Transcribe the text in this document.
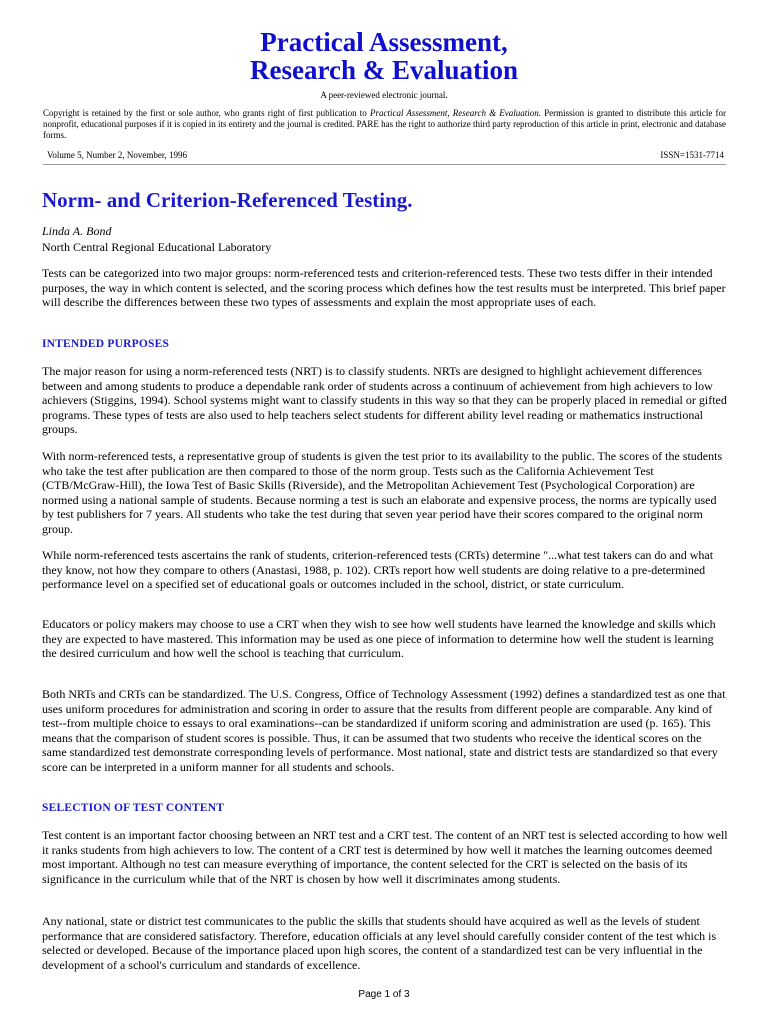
Practical Assessment,
Research & Evaluation
A peer-reviewed electronic journal.
Copyright is retained by the first or sole author, who grants right of first publication to Practical Assessment, Research & Evaluation. Permission is granted to distribute this article for nonprofit, educational purposes if it is copied in its entirety and the journal is credited. PARE has the right to authorize third party reproduction of this article in print, electronic and database forms.
Volume 5, Number 2, November, 1996	ISSN=1531-7714
Norm- and Criterion-Referenced Testing.
Linda A. Bond
North Central Regional Educational Laboratory

Tests can be categorized into two major groups: norm-referenced tests and criterion-referenced tests. These two tests differ in their intended purposes, the way in which content is selected, and the scoring process which defines how the test results must be interpreted. This brief paper will describe the differences between these two types of assessments and explain the most appropriate uses of each.

INTENDED PURPOSES

The major reason for using a norm-referenced tests (NRT) is to classify students. NRTs are designed to highlight achievement differences between and among students to produce a dependable rank order of students across a continuum of achievement from high achievers to low achievers (Stiggins, 1994). School systems might want to classify students in this way so that they can be properly placed in remedial or gifted programs. These types of tests are also used to help teachers select students for different ability level reading or mathematics instructional groups.

With norm-referenced tests, a representative group of students is given the test prior to its availability to the public. The scores of the students who take the test after publication are then compared to those of the norm group. Tests such as the California Achievement Test (CTB/McGraw-Hill), the Iowa Test of Basic Skills (Riverside), and the Metropolitan Achievement Test (Psychological Corporation) are normed using a national sample of students. Because norming a test is such an elaborate and expensive process, the norms are typically used by test publishers for 7 years. All students who take the test during that seven year period have their scores compared to the original norm group.

While norm-referenced tests ascertains the rank of students, criterion-referenced tests (CRTs) determine "...what test takers can do and what they know, not how they compare to others (Anastasi, 1988, p. 102). CRTs report how well students are doing relative to a pre-determined performance level on a specified set of educational goals or outcomes included in the school, district, or state curriculum.

Educators or policy makers may choose to use a CRT when they wish to see how well students have learned the knowledge and skills which they are expected to have mastered. This information may be used as one piece of information to determine how well the student is learning the desired curriculum and how well the school is teaching that curriculum.

Both NRTs and CRTs can be standardized. The U.S. Congress, Office of Technology Assessment (1992) defines a standardized test as one that uses uniform procedures for administration and scoring in order to assure that the results from different people are comparable. Any kind of test--from multiple choice to essays to oral examinations--can be standardized if uniform scoring and administration are used (p. 165). This means that the comparison of student scores is possible. Thus, it can be assumed that two students who receive the identical scores on the same standardized test demonstrate corresponding levels of performance. Most national, state and district tests are standardized so that every score can be interpreted in a uniform manner for all students and schools.

SELECTION OF TEST CONTENT

Test content is an important factor choosing between an NRT test and a CRT test. The content of an NRT test is selected according to how well it ranks students from high achievers to low. The content of a CRT test is determined by how well it matches the learning outcomes deemed most important. Although no test can measure everything of importance, the content selected for the CRT is selected on the basis of its significance in the curriculum while that of the NRT is chosen by how well it discriminates among students.

Any national, state or district test communicates to the public the skills that students should have acquired as well as the levels of student performance that are considered satisfactory. Therefore, education officials at any level should carefully consider content of the test which is selected or developed. Because of the importance placed upon high scores, the content of a standardized test can be very influential in the development of a school's curriculum and standards of excellence.

Page 1 of 3
